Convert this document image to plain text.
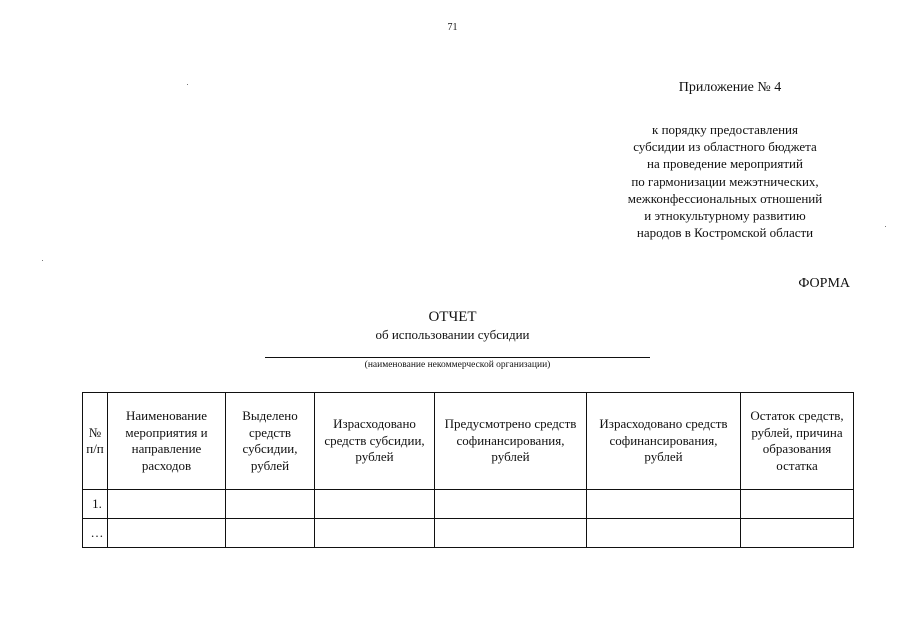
71
Приложение № 4
к порядку предоставления
субсидии из областного бюджета
на проведение мероприятий
по гармонизации межэтнических,
межконфессиональных отношений
и этнокультурному развитию
народов в Костромской области
ФОРМА
ОТЧЕТ
об использовании субсидии
(наименование некоммерческой организации)
№ п/п	Наименование мероприятия и направление расходов	Выделено средств субсидии, рублей	Израсходовано средств субсидии, рублей	Предусмотрено средств софинансирования, рублей	Израсходовано средств софинансирования, рублей	Остаток средств, рублей, причина образования остатка
1.						
…						
